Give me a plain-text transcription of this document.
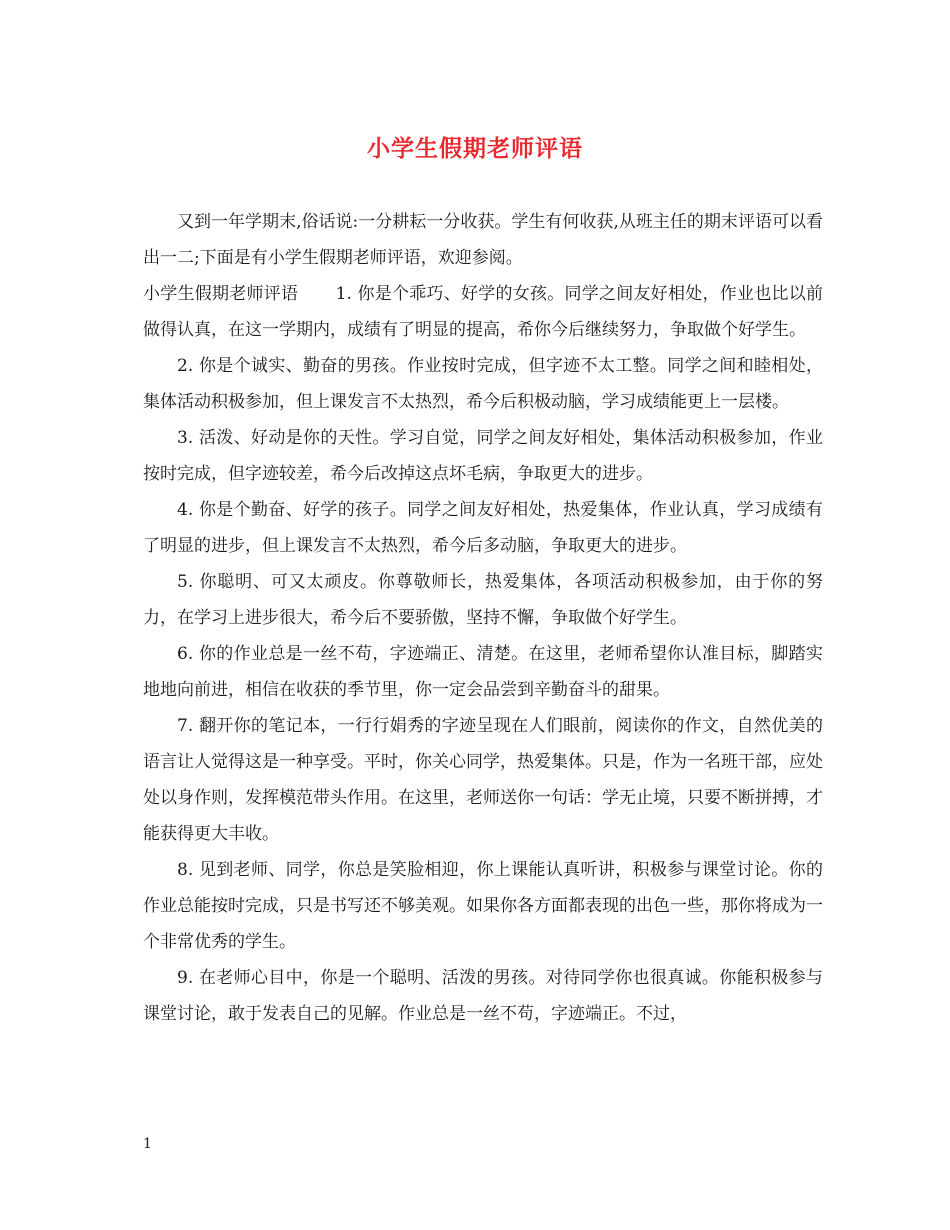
小学生假期老师评语

又到一年学期末,俗话说:一分耕耘一分收获。学生有何收获,从班主任的期末评语可以看出一二;下面是有小学生假期老师评语，欢迎参阅。

小学生假期老师评语 1. 你是个乖巧、好学的女孩。同学之间友好相处，作业也比以前做得认真，在这一学期内，成绩有了明显的提高，希你今后继续努力，争取做个好学生。

2. 你是个诚实、勤奋的男孩。作业按时完成，但字迹不太工整。同学之间和睦相处，集体活动积极参加，但上课发言不太热烈，希今后积极动脑，学习成绩能更上一层楼。

3. 活泼、好动是你的天性。学习自觉，同学之间友好相处，集体活动积极参加，作业按时完成，但字迹较差，希今后改掉这点坏毛病，争取更大的进步。

4. 你是个勤奋、好学的孩子。同学之间友好相处，热爱集体，作业认真，学习成绩有了明显的进步，但上课发言不太热烈，希今后多动脑，争取更大的进步。

5. 你聪明、可又太顽皮。你尊敬师长，热爱集体，各项活动积极参加，由于你的努力，在学习上进步很大，希今后不要骄傲，坚持不懈，争取做个好学生。

6. 你的作业总是一丝不苟，字迹端正、清楚。在这里，老师希望你认准目标，脚踏实地地向前进，相信在收获的季节里，你一定会品尝到辛勤奋斗的甜果。

7. 翻开你的笔记本，一行行娟秀的字迹呈现在人们眼前，阅读你的作文，自然优美的语言让人觉得这是一种享受。平时，你关心同学，热爱集体。只是，作为一名班干部，应处处以身作则，发挥模范带头作用。在这里，老师送你一句话：学无止境，只要不断拼搏，才能获得更大丰收。

8. 见到老师、同学，你总是笑脸相迎，你上课能认真听讲，积极参与课堂讨论。你的作业总能按时完成，只是书写还不够美观。如果你各方面都表现的出色一些，那你将成为一个非常优秀的学生。

9. 在老师心目中，你是一个聪明、活泼的男孩。对待同学你也很真诚。你能积极参与课堂讨论，敢于发表自己的见解。作业总是一丝不苟，字迹端正。不过，

1
